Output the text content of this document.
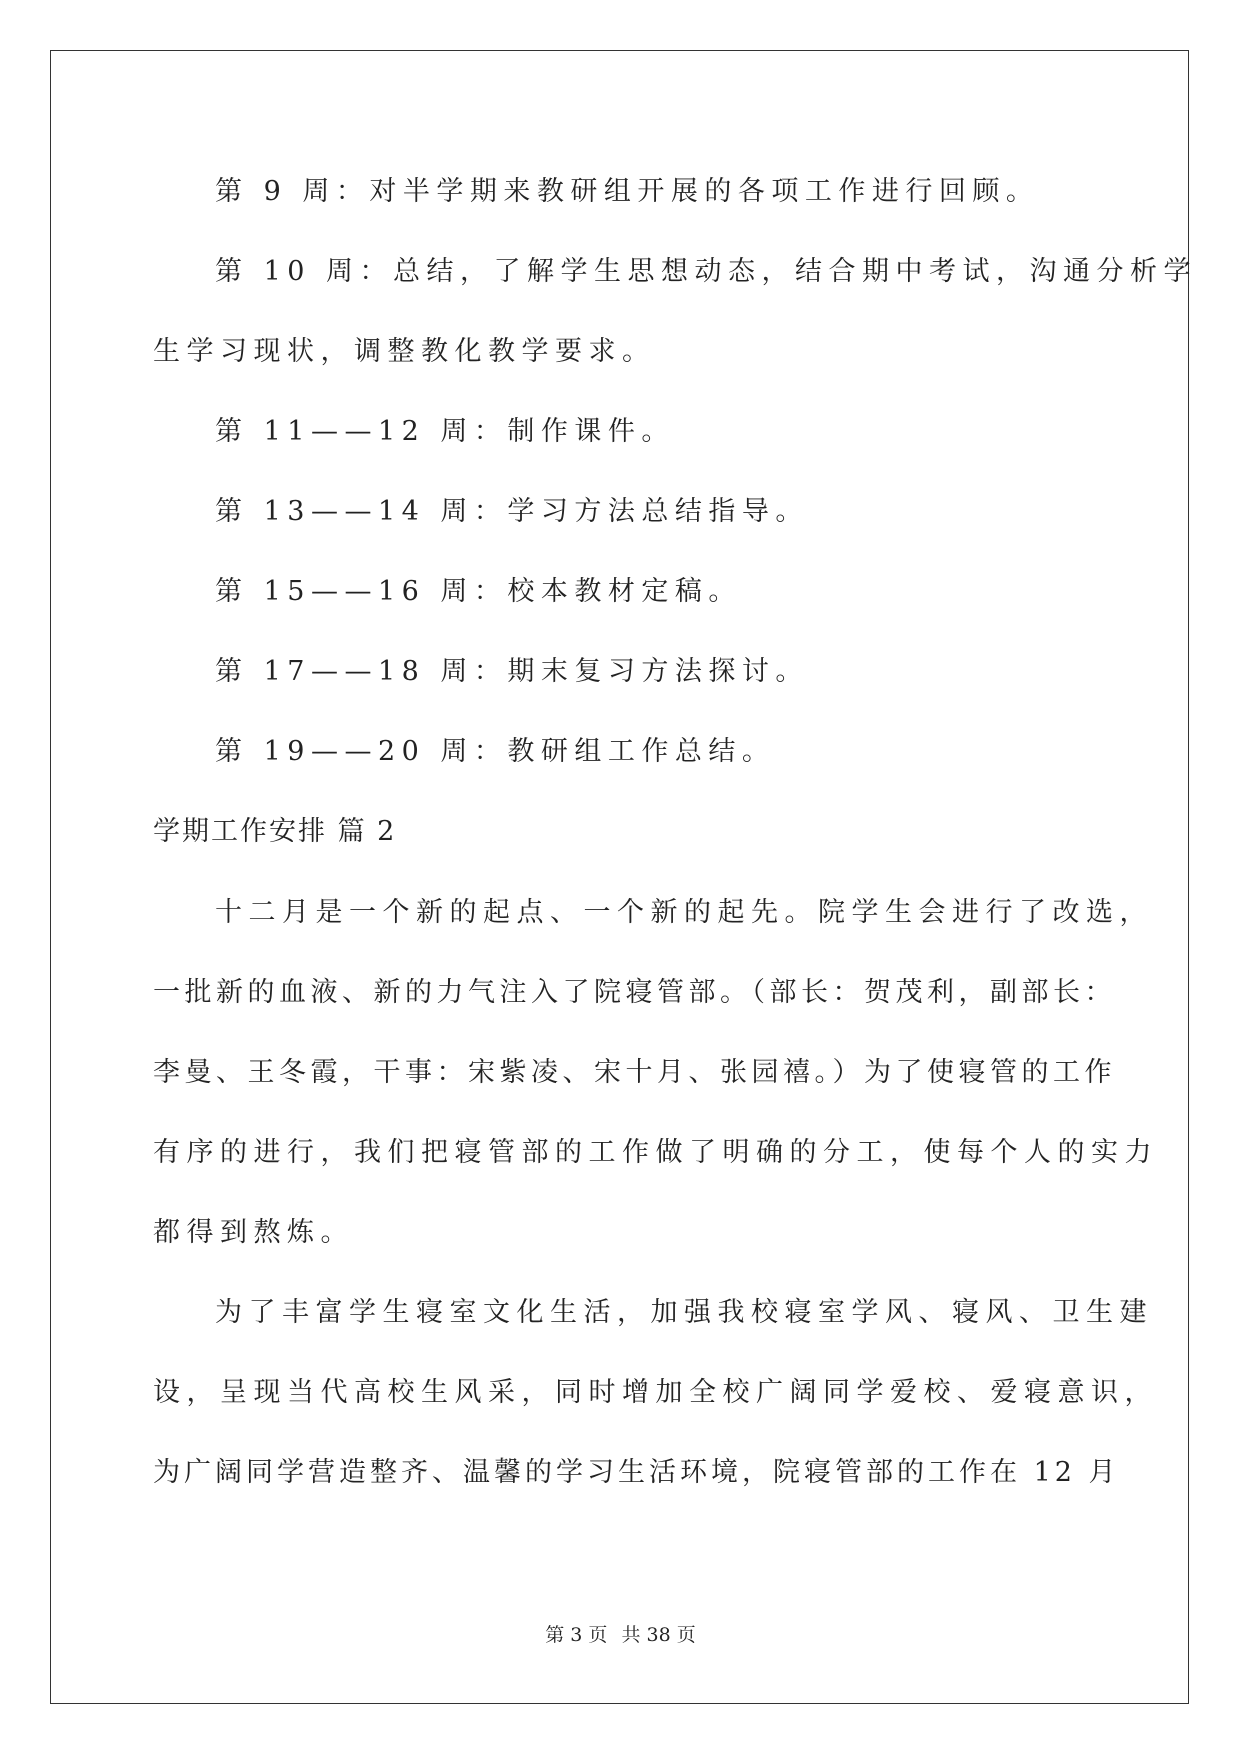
第 9 周：对半学期来教研组开展的各项工作进行回顾。
第 10 周：总结，了解学生思想动态，结合期中考试，沟通分析学
生学习现状，调整教化教学要求。
第 11——12 周：制作课件。
第 13——14 周：学习方法总结指导。
第 15——16 周：校本教材定稿。
第 17——18 周：期末复习方法探讨。
第 19——20 周：教研组工作总结。
学期工作安排 篇 2
十二月是一个新的起点、一个新的起先。院学生会进行了改选，
一批新的血液、新的力气注入了院寝管部。（部长：贺茂利，副部长：
李曼、王冬霞，干事：宋紫凌、宋十月、张园禧。）为了使寝管的工作
有序的进行，我们把寝管部的工作做了明确的分工，使每个人的实力
都得到熬炼。
为了丰富学生寝室文化生活，加强我校寝室学风、寝风、卫生建
设，呈现当代高校生风采，同时增加全校广阔同学爱校、爱寝意识，
为广阔同学营造整齐、温馨的学习生活环境，院寝管部的工作在 12 月
第 3 页 共 38 页
